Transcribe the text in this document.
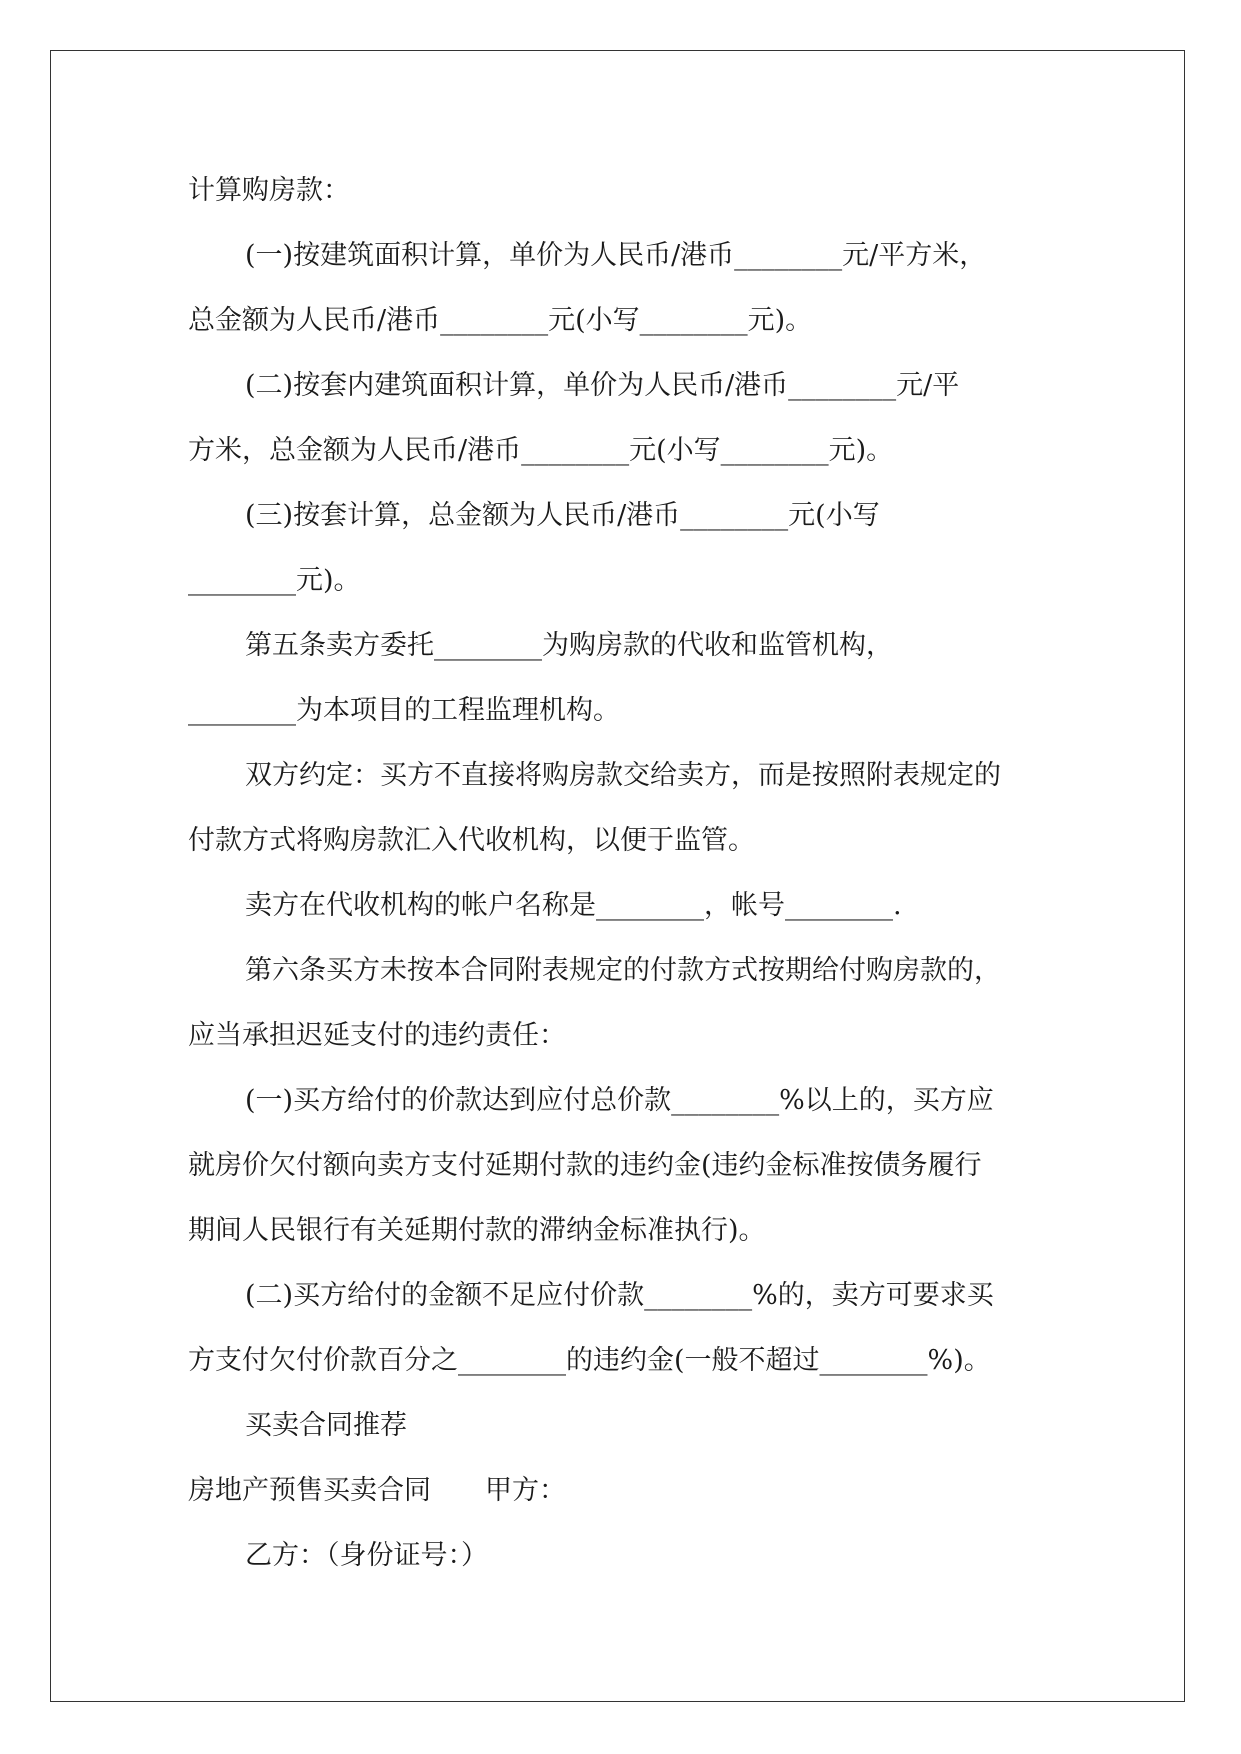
计算购房款：
(一)按建筑面积计算，单价为人民币/港币________元/平方米，
总金额为人民币/港币________元(小写________元)。
(二)按套内建筑面积计算，单价为人民币/港币________元/平
方米，总金额为人民币/港币________元(小写________元)。
(三)按套计算，总金额为人民币/港币________元(小写
________元)。
第五条卖方委托________为购房款的代收和监管机构，
________为本项目的工程监理机构。
双方约定：买方不直接将购房款交给卖方，而是按照附表规定的
付款方式将购房款汇入代收机构，以便于监管。
卖方在代收机构的帐户名称是________，帐号________.
第六条买方未按本合同附表规定的付款方式按期给付购房款的，
应当承担迟延支付的违约责任：
(一)买方给付的价款达到应付总价款________%以上的，买方应
就房价欠付额向卖方支付延期付款的违约金(违约金标准按债务履行
期间人民银行有关延期付款的滞纳金标准执行)。
(二)买方给付的金额不足应付价款________%的，卖方可要求买
方支付欠付价款百分之________的违约金(一般不超过________%)。
买卖合同推荐
房地产预售买卖合同　　甲方：
乙方：（身份证号：）
